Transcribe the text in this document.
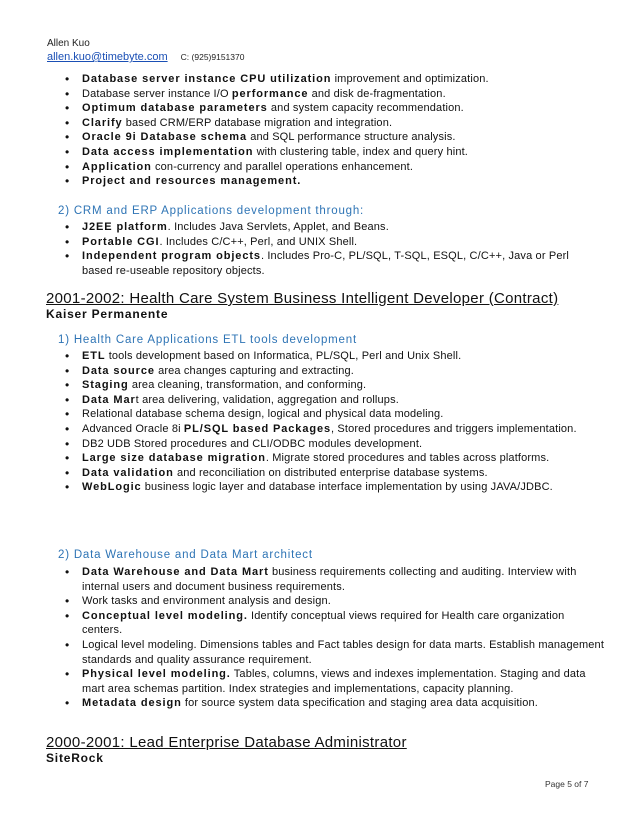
Allen Kuo
allen.kuo@timebyte.com C: (925)9151370
• Database server instance CPU utilization improvement and optimization.
• Database server instance I/O performance and disk de-fragmentation.
• Optimum database parameters and system capacity recommendation.
• Clarify based CRM/ERP database migration and integration.
• Oracle 9i Database schema and SQL performance structure analysis.
• Data access implementation with clustering table, index and query hint.
• Application con-currency and parallel operations enhancement.
• Project and resources management.
2) CRM and ERP Applications development through:
• J2EE platform. Includes Java Servlets, Applet, and Beans.
• Portable CGI. Includes C/C++, Perl, and UNIX Shell.
• Independent program objects. Includes Pro-C, PL/SQL, T-SQL, ESQL, C/C++, Java or Perl based re-useable repository objects.
2001-2002: Health Care System Business Intelligent Developer (Contract)
Kaiser Permanente
1) Health Care Applications ETL tools development
• ETL tools development based on Informatica, PL/SQL, Perl and Unix Shell.
• Data source area changes capturing and extracting.
• Staging area cleaning, transformation, and conforming.
• Data Mart area delivering, validation, aggregation and rollups.
• Relational database schema design, logical and physical data modeling.
• Advanced Oracle 8i PL/SQL based Packages, Stored procedures and triggers implementation.
• DB2 UDB Stored procedures and CLI/ODBC modules development.
• Large size database migration. Migrate stored procedures and tables across platforms.
• Data validation and reconciliation on distributed enterprise database systems.
• WebLogic business logic layer and database interface implementation by using JAVA/JDBC.
2) Data Warehouse and Data Mart architect
• Data Warehouse and Data Mart business requirements collecting and auditing. Interview with internal users and document business requirements.
• Work tasks and environment analysis and design.
• Conceptual level modeling. Identify conceptual views required for Health care organization centers.
• Logical level modeling. Dimensions tables and Fact tables design for data marts. Establish management standards and quality assurance requirement.
• Physical level modeling. Tables, columns, views and indexes implementation. Staging and data mart area schemas partition. Index strategies and implementations, capacity planning.
• Metadata design for source system data specification and staging area data acquisition.
2000-2001: Lead Enterprise Database Administrator
SiteRock
Page 5 of 7
